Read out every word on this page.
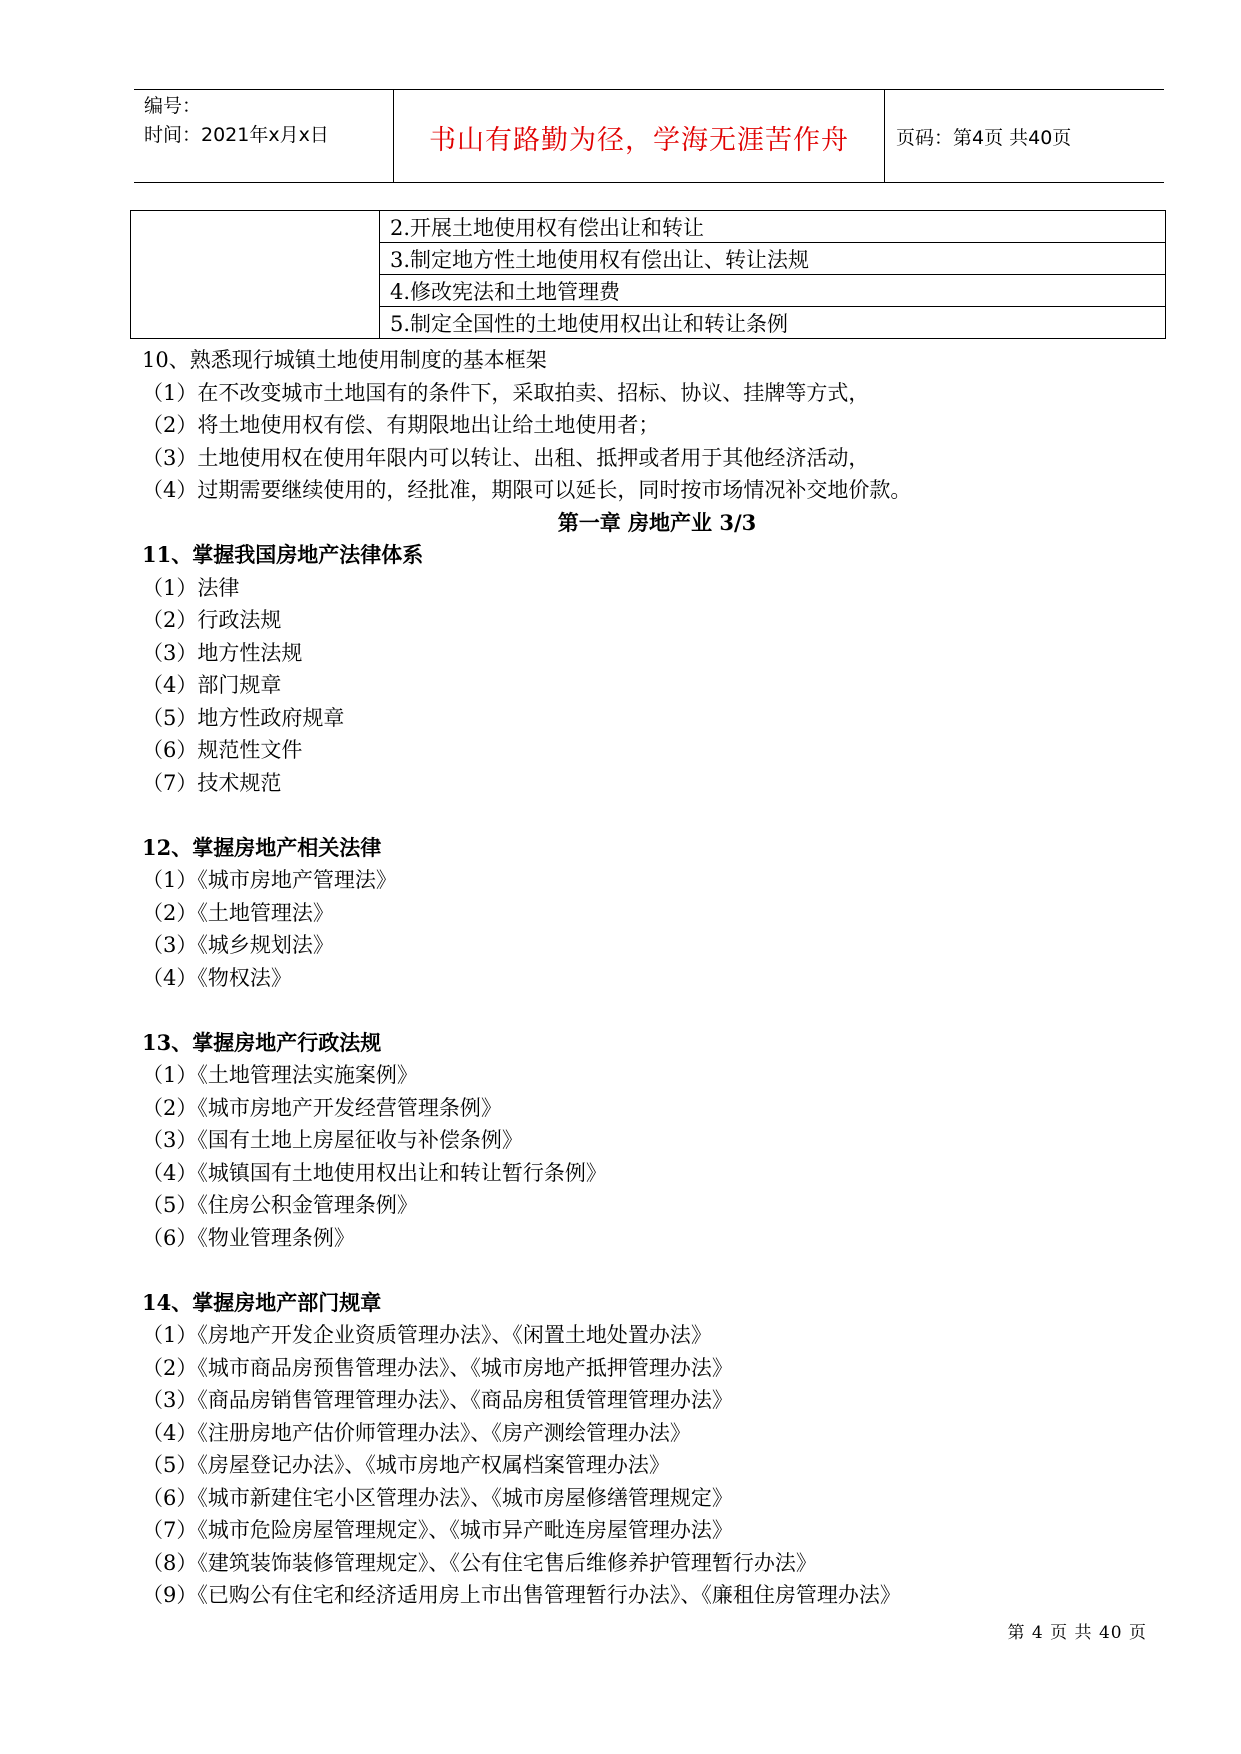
编号：
时间：2021年x月x日	书山有路勤为径，学海无涯苦作舟	页码：第4页 共40页
	2.开展土地使用权有偿出让和转让
3.制定地方性土地使用权有偿出让、转让法规
4.修改宪法和土地管理费
5.制定全国性的土地使用权出让和转让条例
10、熟悉现行城镇土地使用制度的基本框架
（1）在不改变城市土地国有的条件下，采取拍卖、招标、协议、挂牌等方式，
（2）将土地使用权有偿、有期限地出让给土地使用者；
（3）土地使用权在使用年限内可以转让、出租、抵押或者用于其他经济活动，
（4）过期需要继续使用的，经批准，期限可以延长，同时按市场情况补交地价款。
第一章 房地产业 3/3
11、掌握我国房地产法律体系
（1）法律
（2）行政法规
（3）地方性法规
（4）部门规章
（5）地方性政府规章
（6）规范性文件
（7）技术规范
12、掌握房地产相关法律
（1）《城市房地产管理法》
（2）《土地管理法》
（3）《城乡规划法》
（4）《物权法》
13、掌握房地产行政法规
（1）《土地管理法实施案例》
（2）《城市房地产开发经营管理条例》
（3）《国有土地上房屋征收与补偿条例》
（4）《城镇国有土地使用权出让和转让暂行条例》
（5）《住房公积金管理条例》
（6）《物业管理条例》
14、掌握房地产部门规章
（1）《房地产开发企业资质管理办法》、《闲置土地处置办法》
（2）《城市商品房预售管理办法》、《城市房地产抵押管理办法》
（3）《商品房销售管理管理办法》、《商品房租赁管理管理办法》
（4）《注册房地产估价师管理办法》、《房产测绘管理办法》
（5）《房屋登记办法》、《城市房地产权属档案管理办法》
（6）《城市新建住宅小区管理办法》、《城市房屋修缮管理规定》
（7）《城市危险房屋管理规定》、《城市异产毗连房屋管理办法》
（8）《建筑装饰装修管理规定》、《公有住宅售后维修养护管理暂行办法》
（9）《已购公有住宅和经济适用房上市出售管理暂行办法》、《廉租住房管理办法》
第 4 页 共 40 页
